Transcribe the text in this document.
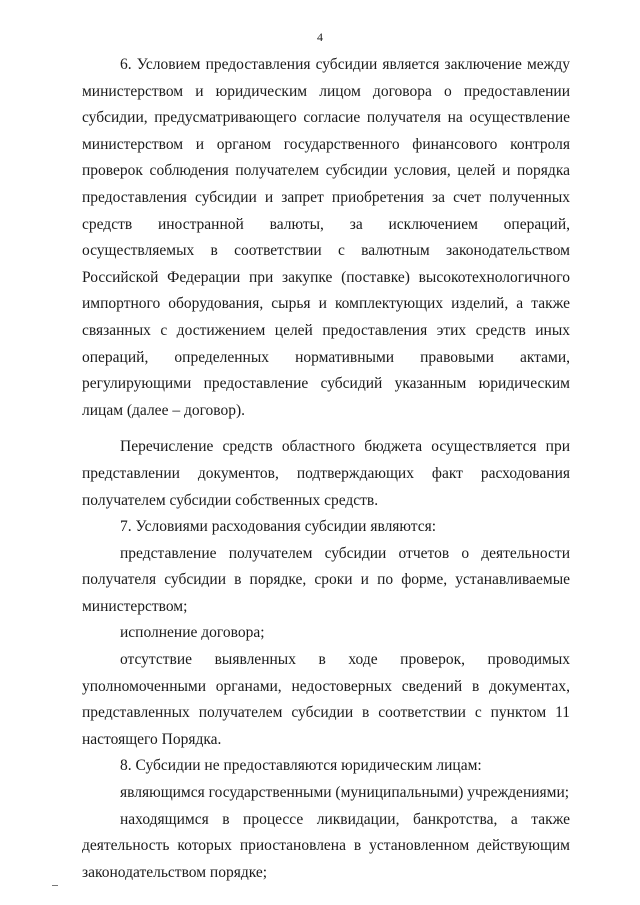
4

6. Условием предоставления субсидии является заключение между министерством и юридическим лицом договора о предоставлении субсидии, предусматривающего согласие получателя на осуществление министерством и органом государственного финансового контроля проверок соблюдения получателем субсидии условия, целей и порядка предоставления субсидии и запрет приобретения за счет полученных средств иностранной валюты, за исключением операций, осуществляемых в соответствии с валютным законодательством Российской Федерации при закупке (поставке) высокотехнологичного импортного оборудования, сырья и комплектующих изделий, а также связанных с достижением целей предоставления этих средств иных операций, определенных нормативными правовыми актами, регулирующими предоставление субсидий указанным юридическим лицам (далее – договор).

Перечисление средств областного бюджета осуществляется при представлении документов, подтверждающих факт расходования получателем субсидии собственных средств.

7. Условиями расходования субсидии являются:

представление получателем субсидии отчетов о деятельности получателя субсидии в порядке, сроки и по форме, устанавливаемые министерством;

исполнение договора;

отсутствие выявленных в ходе проверок, проводимых уполномоченными органами, недостоверных сведений в документах, представленных получателем субсидии в соответствии с пунктом 11 настоящего Порядка.

8. Субсидии не предоставляются юридическим лицам:

являющимся государственными (муниципальными) учреждениями;

находящимся в процессе ликвидации, банкротства, а также деятельность которых приостановлена в установленном действующим законодательством порядке;
